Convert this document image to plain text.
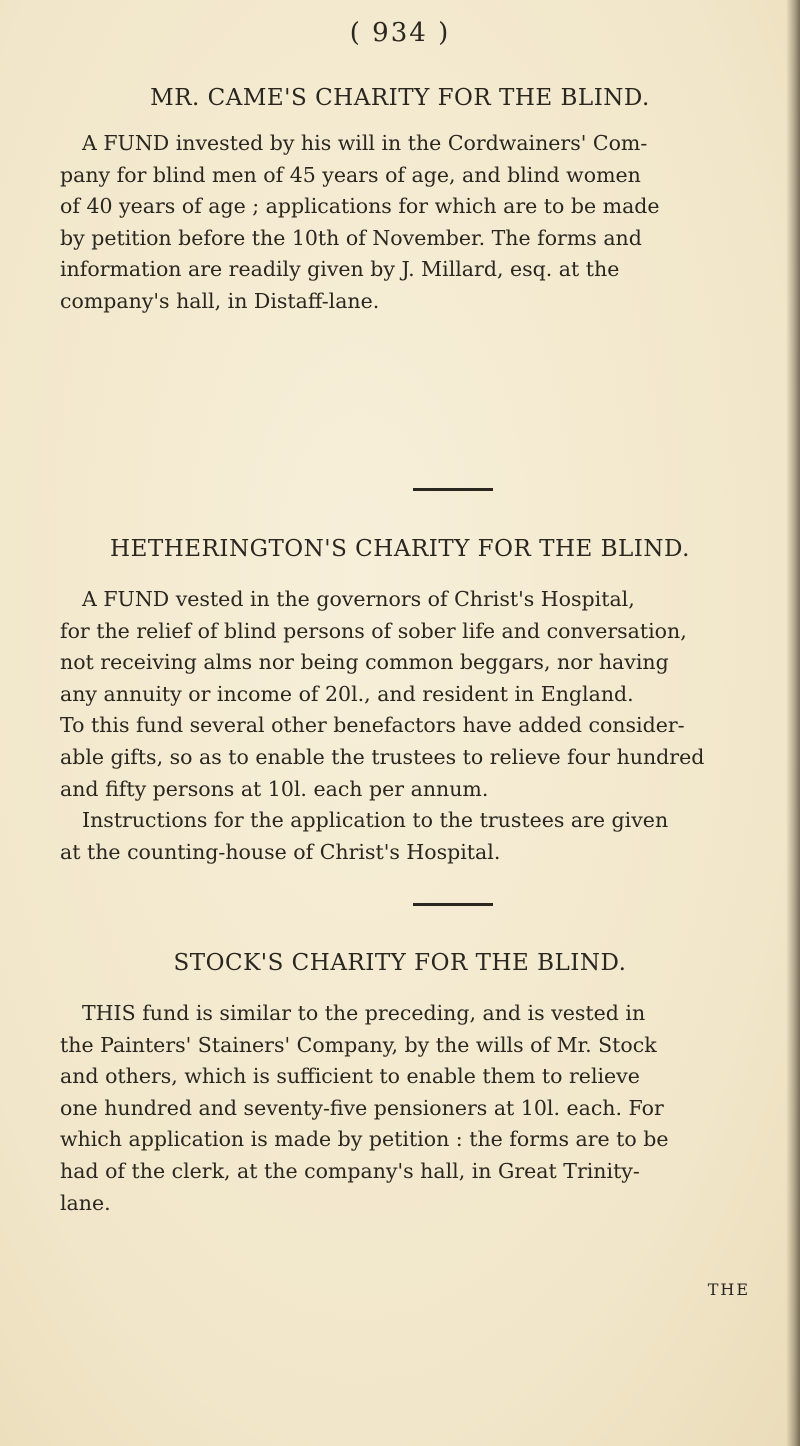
( 934 )
MR. CAME'S CHARITY FOR THE BLIND.
A FUND invested by his will in the Cordwainers' Com-
pany for blind men of 45 years of age, and blind women
of 40 years of age ; applications for which are to be made
by petition before the 10th of November. The forms and
information are readily given by J. Millard, esq. at the
company's hall, in Distaff-lane.
HETHERINGTON'S CHARITY FOR THE BLIND.
A FUND vested in the governors of Christ's Hospital,
for the relief of blind persons of sober life and conversation,
not receiving alms nor being common beggars, nor having
any annuity or income of 20l., and resident in England.
To this fund several other benefactors have added consider-
able gifts, so as to enable the trustees to relieve four hundred
and fifty persons at 10l. each per annum.
Instructions for the application to the trustees are given
at the counting-house of Christ's Hospital.
STOCK'S CHARITY FOR THE BLIND.
THIS fund is similar to the preceding, and is vested in
the Painters' Stainers' Company, by the wills of Mr. Stock
and others, which is sufficient to enable them to relieve
one hundred and seventy-five pensioners at 10l. each. For
which application is made by petition : the forms are to be
had of the clerk, at the company's hall, in Great Trinity-
lane.
THE
